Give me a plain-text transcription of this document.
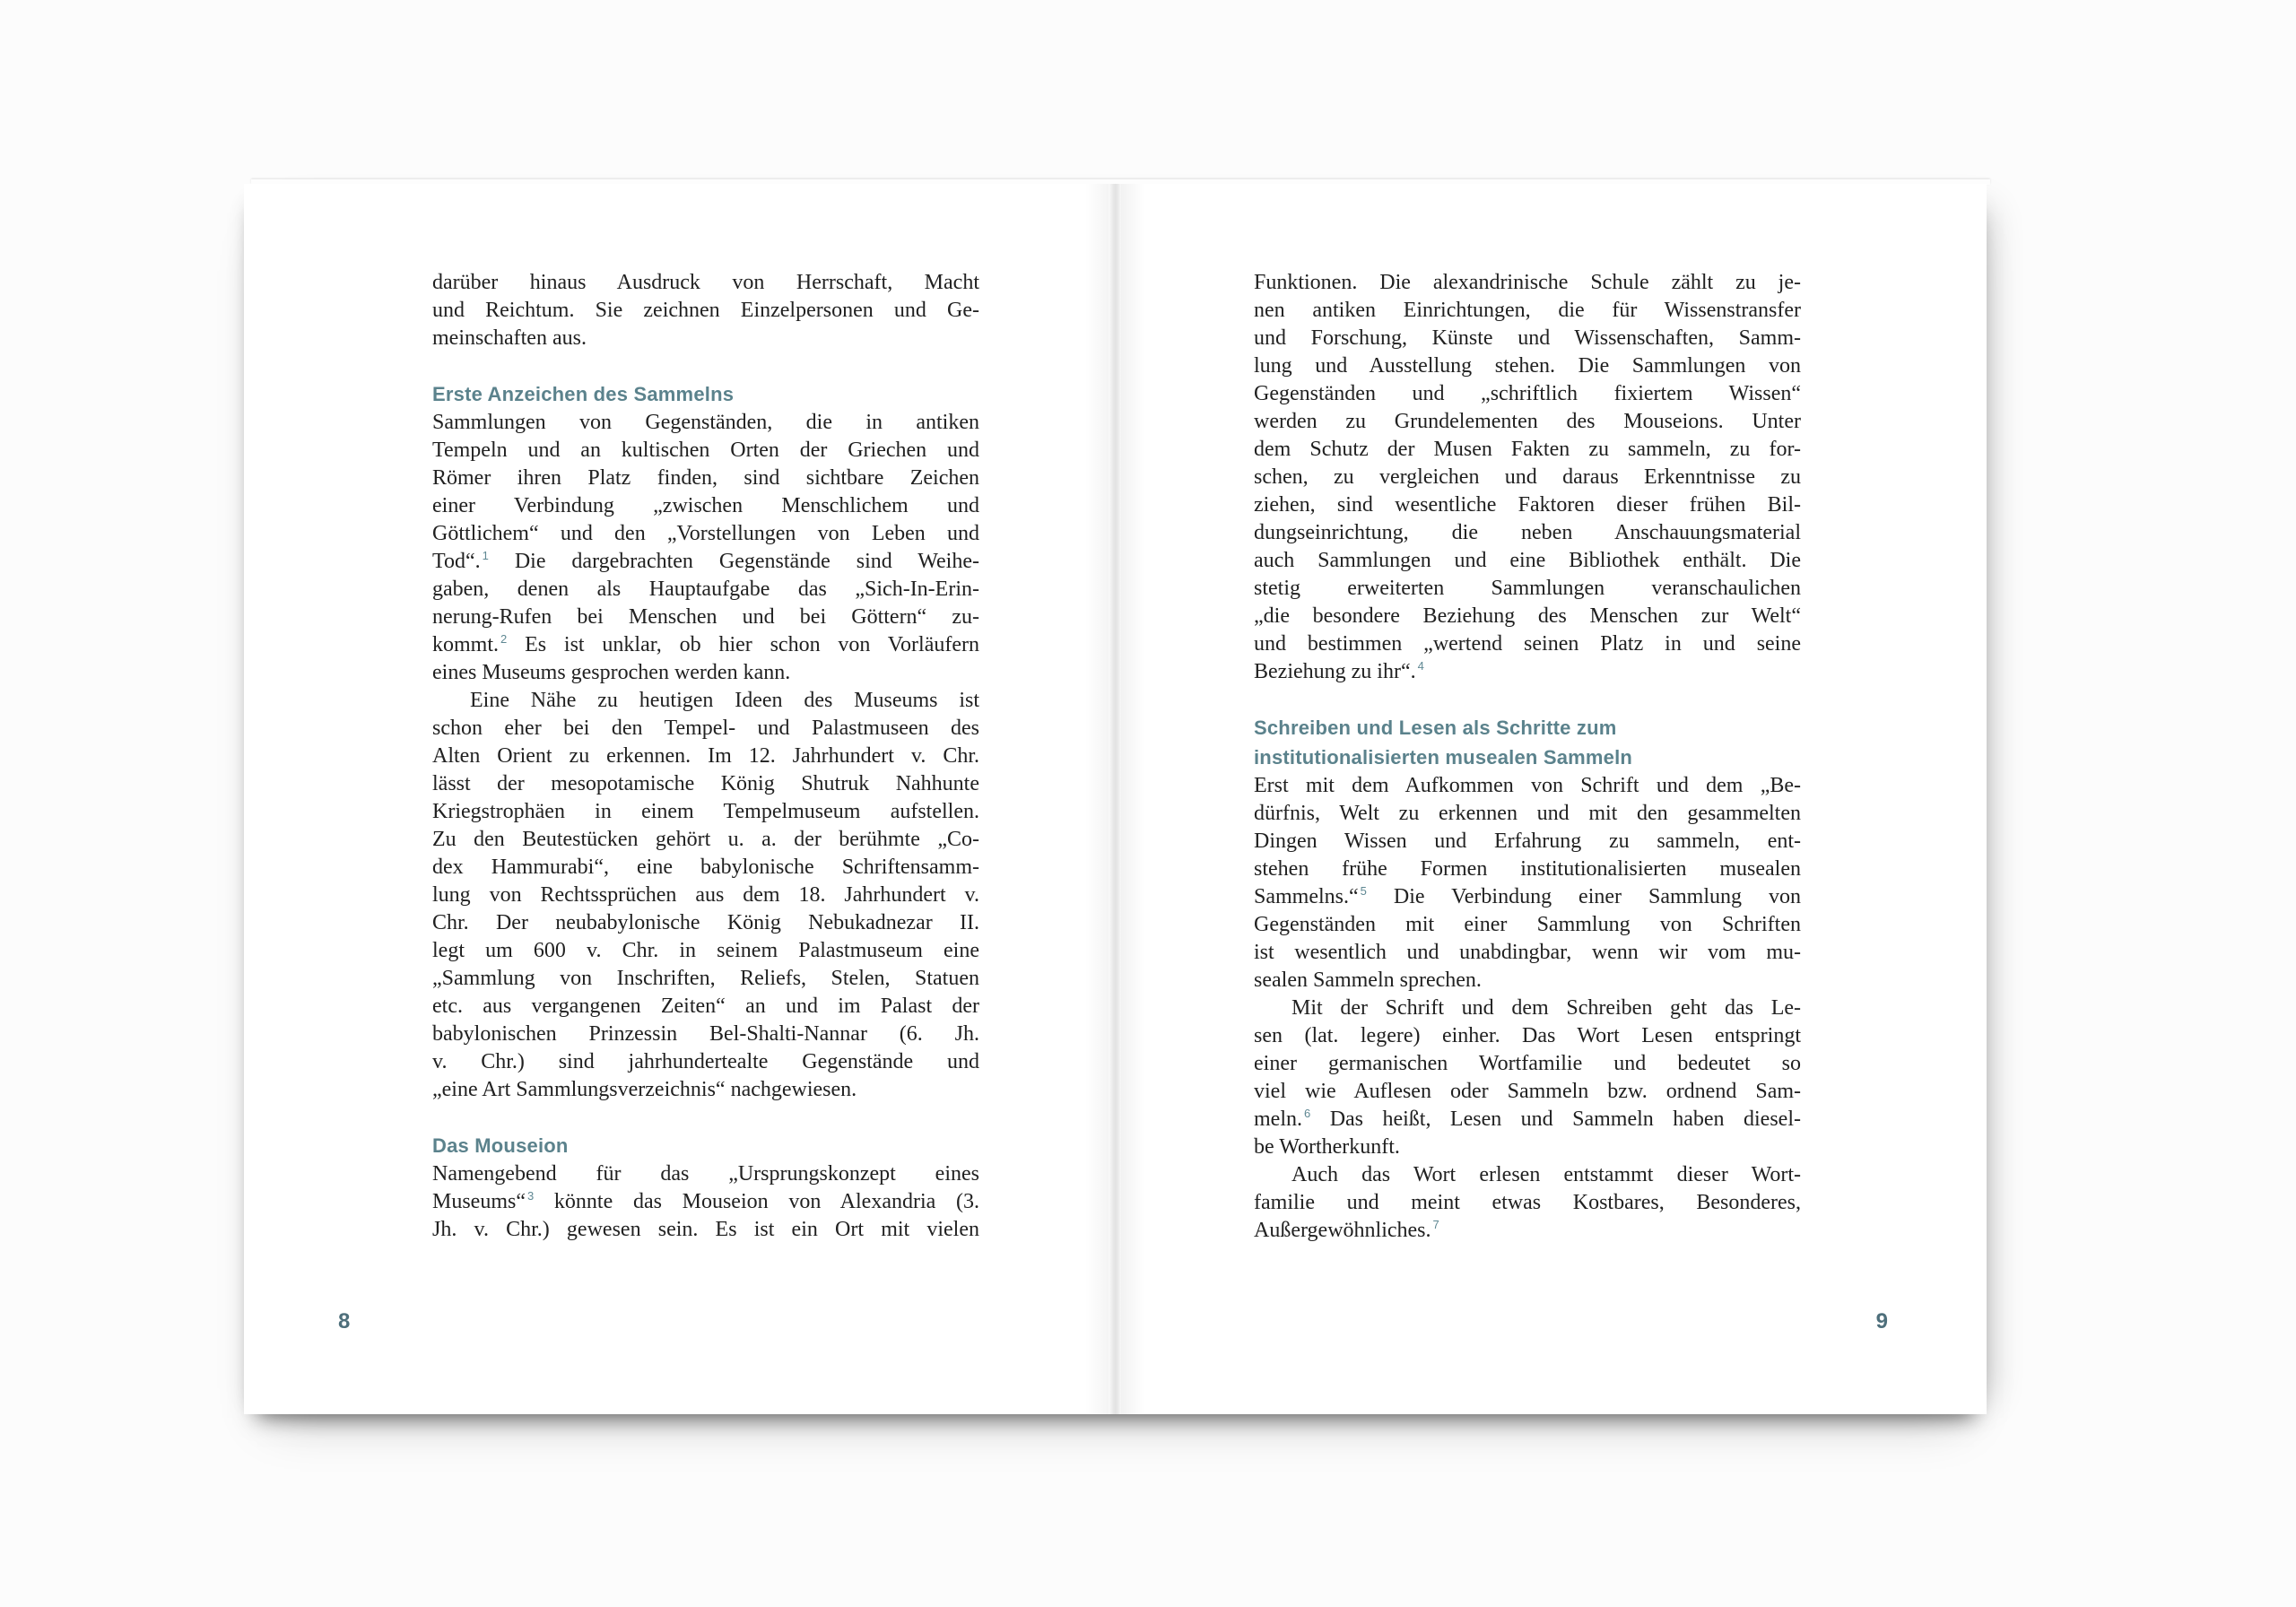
darüber hinaus Ausdruck von Herrschaft, Macht
und Reichtum. Sie zeichnen Einzelpersonen und Ge-
meinschaften aus.
Erste Anzeichen des Sammelns
Sammlungen von Gegenständen, die in antiken
Tempeln und an kultischen Orten der Griechen und
Römer ihren Platz finden, sind sichtbare Zeichen
einer Verbindung „zwischen Menschlichem und
Göttlichem“ und den „Vorstellungen von Leben und
Tod“. $^1$ Die dargebrachten Gegenstände sind Weihe-
gaben, denen als Hauptaufgabe das „Sich-In-Erin-
nerung-Rufen bei Menschen und bei Göttern“ zu-
kommt. $^2$ Es ist unklar, ob hier schon von Vorläufern
eines Museums gesprochen werden kann.
Eine Nähe zu heutigen Ideen des Museums ist
schon eher bei den Tempel- und Palastmuseen des
Alten Orient zu erkennen. Im 12. Jahrhundert v. Chr.
lässt der mesopotamische König Shutruk Nahhunte
Kriegstrophäen in einem Tempelmuseum aufstellen.
Zu den Beutestücken gehört u. a. der berühmte „Co-
dex Hammurabi“, eine babylonische Schriftensamm-
lung von Rechtssprüchen aus dem 18. Jahrhundert v.
Chr. Der neubabylonische König Nebukadnezar II.
legt um 600 v. Chr. in seinem Palastmuseum eine
„Sammlung von Inschriften, Reliefs, Stelen, Statuen
etc. aus vergangenen Zeiten“ an und im Palast der
babylonischen Prinzessin Bel-Shalti-Nannar (6. Jh.
v. Chr.) sind jahrhundertealte Gegenstände und
„eine Art Sammlungsverzeichnis“ nachgewiesen.
Das Mouseion
Namengebend für das „Ursprungskonzept eines
Museums“ $^3$ könnte das Mouseion von Alexandria (3.
Jh. v. Chr.) gewesen sein. Es ist ein Ort mit vielen
8
Funktionen. Die alexandrinische Schule zählt zu je-
nen antiken Einrichtungen, die für Wissenstransfer
und Forschung, Künste und Wissenschaften, Samm-
lung und Ausstellung stehen. Die Sammlungen von
Gegenständen und „schriftlich fixiertem Wissen“
werden zu Grundelementen des Mouseions. Unter
dem Schutz der Musen Fakten zu sammeln, zu for-
schen, zu vergleichen und daraus Erkenntnisse zu
ziehen, sind wesentliche Faktoren dieser frühen Bil-
dungseinrichtung, die neben Anschauungsmaterial
auch Sammlungen und eine Bibliothek enthält. Die
stetig erweiterten Sammlungen veranschaulichen
„die besondere Beziehung des Menschen zur Welt“
und bestimmen „wertend seinen Platz in und seine
Beziehung zu ihr“. $^4$
Schreiben und Lesen als Schritte zum
institutionalisierten musealen Sammeln
Erst mit dem Aufkommen von Schrift und dem „Be-
dürfnis, Welt zu erkennen und mit den gesammelten
Dingen Wissen und Erfahrung zu sammeln, ent-
stehen frühe Formen institutionalisierten musealen
Sammelns.“ $^5$ Die Verbindung einer Sammlung von
Gegenständen mit einer Sammlung von Schriften
ist wesentlich und unabdingbar, wenn wir vom mu-
sealen Sammeln sprechen.
Mit der Schrift und dem Schreiben geht das Le-
sen (lat. legere) einher. Das Wort Lesen entspringt
einer germanischen Wortfamilie und bedeutet so
viel wie Auflesen oder Sammeln bzw. ordnend Sam-
meln. $^6$ Das heißt, Lesen und Sammeln haben diesel-
be Wortherkunft.
Auch das Wort erlesen entstammt dieser Wort-
familie und meint etwas Kostbares, Besonderes,
Außergewöhnliches. $^7$
9
